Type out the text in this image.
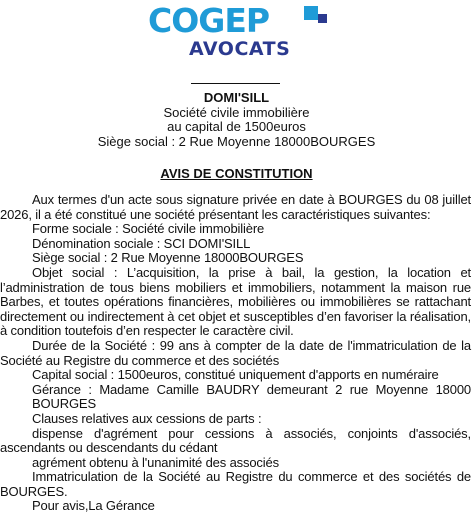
COGEP
AVOCATS
DOMI'SILL
Société civile immobilière
au capital de 1500euros
Siège social : 2 Rue Moyenne 18000BOURGES
AVIS DE CONSTITUTION

Aux termes d'un acte sous signature privée en date à BOURGES du 08 juillet 2026, il a été constitué une société présentant les caractéristiques suivantes:

Forme sociale : Société civile immobilière

Dénomination sociale : SCI DOMI'SILL

Siège social : 2 Rue Moyenne 18000BOURGES

Objet social : L’acquisition, la prise à bail, la gestion, la location et l’administration de tous biens mobiliers et immobiliers, notamment la maison rue Barbes, et toutes opérations financières, mobilières ou immobilières se rattachant directement ou indirectement à cet objet et susceptibles d’en favoriser la réalisation, à condition toutefois d’en respecter le caractère civil.

Durée de la Société : 99 ans à compter de la date de l'immatriculation de la Société au Registre du commerce et des sociétés

Capital social : 1500euros, constitué uniquement d'apports en numéraire

Gérance : Madame Camille BAUDRY demeurant 2 rue Moyenne 18000 BOURGES

Clauses relatives aux cessions de parts :

dispense d'agrément pour cessions à associés, conjoints d'associés, ascendants ou descendants du cédant

agrément obtenu à l'unanimité des associés

Immatriculation de la Société au Registre du commerce et des sociétés de BOURGES.

Pour avis,La Gérance
